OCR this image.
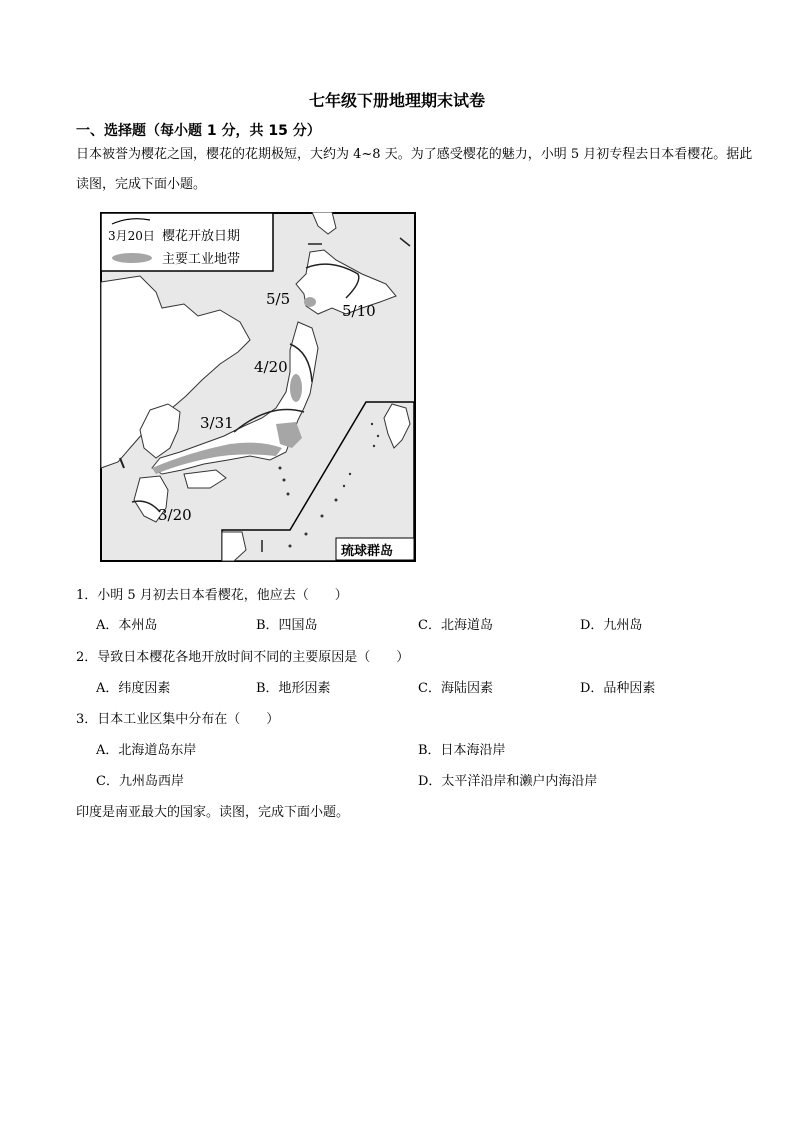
七年级下册地理期末试卷
一、选择题（每小题 1 分，共 15 分）
日本被誉为樱花之国，樱花的花期极短，大约为 4~8 天。为了感受樱花的魅力，小明 5 月初专程去日本看樱花。据此读图，完成下面小题。
3月20日 樱花开放日期
主要工业地带
琉球群岛
5/5
5/10
4/20
3/31
3/20
1．小明 5 月初去日本看樱花，他应去（　　）
A．本州岛	B．四国岛	C．北海道岛	D．九州岛
2．导致日本樱花各地开放时间不同的主要原因是（　　）
A．纬度因素	B．地形因素	C．海陆因素	D．品种因素
3．日本工业区集中分布在（　　）
A．北海道岛东岸	B．日本海沿岸
C．九州岛西岸	D．太平洋沿岸和濑户内海沿岸
印度是南亚最大的国家。读图，完成下面小题。
